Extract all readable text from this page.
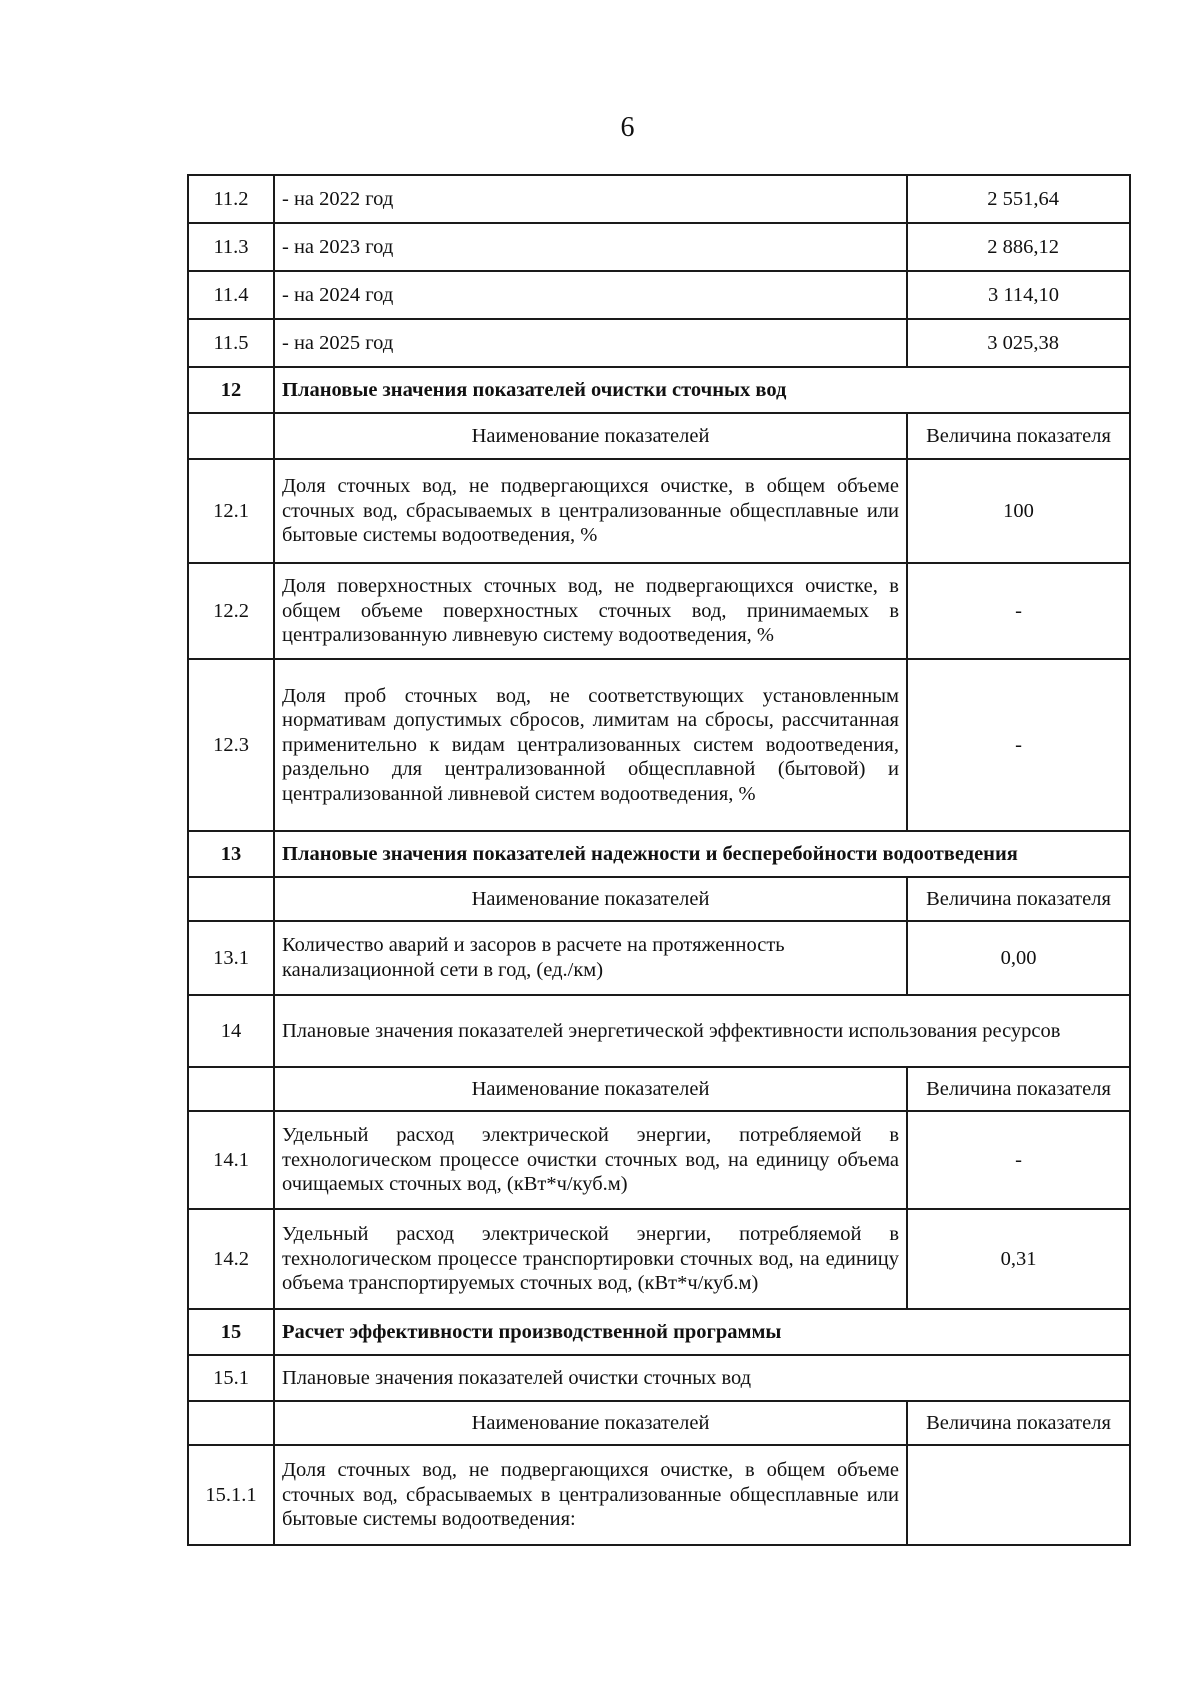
6
11.2	- на 2022 год	2 551,64
11.3	- на 2023 год	2 886,12
11.4	- на 2024 год	3 114,10
11.5	- на 2025 год	3 025,38
12	Плановые значения показателей очистки сточных вод	
	Наименование показателей	Величина показателя
12.1	Доля сточных вод, не подвергающихся очистке, в общем объеме сточных вод, сбрасываемых в централизованные общесплавные или бытовые системы водоотведения, %	100
12.2	Доля поверхностных сточных вод, не подвергающихся очистке, в общем объеме поверхностных сточных вод, принимаемых в централизованную ливневую систему водоотведения, %	-
12.3	Доля проб сточных вод, не соответствующих установленным нормативам допустимых сбросов, лимитам на сбросы, рассчитанная применительно к видам централизованных систем водоотведения, раздельно для централизованной общесплавной (бытовой) и централизованной ливневой систем водоотведения, %	-
13	Плановые значения показателей надежности и бесперебойности водоотведения	
	Наименование показателей	Величина показателя
13.1	Количество аварий и засоров в расчете на протяженность канализационной сети в год, (ед./км)	0,00
14	Плановые значения показателей энергетической эффективности использования ресурсов	
	Наименование показателей	Величина показателя
14.1	Удельный расход электрической энергии, потребляемой в технологическом процессе очистки сточных вод, на единицу объема очищаемых сточных вод, (кВт*ч/куб.м)	-
14.2	Удельный расход электрической энергии, потребляемой в технологическом процессе транспортировки сточных вод, на единицу объема транспортируемых сточных вод, (кВт*ч/куб.м)	0,31
15	Расчет эффективности производственной программы	
15.1	Плановые значения показателей очистки сточных вод	
	Наименование показателей	Величина показателя
15.1.1	Доля сточных вод, не подвергающихся очистке, в общем объеме сточных вод, сбрасываемых в централизованные общесплавные или бытовые системы водоотведения:	
